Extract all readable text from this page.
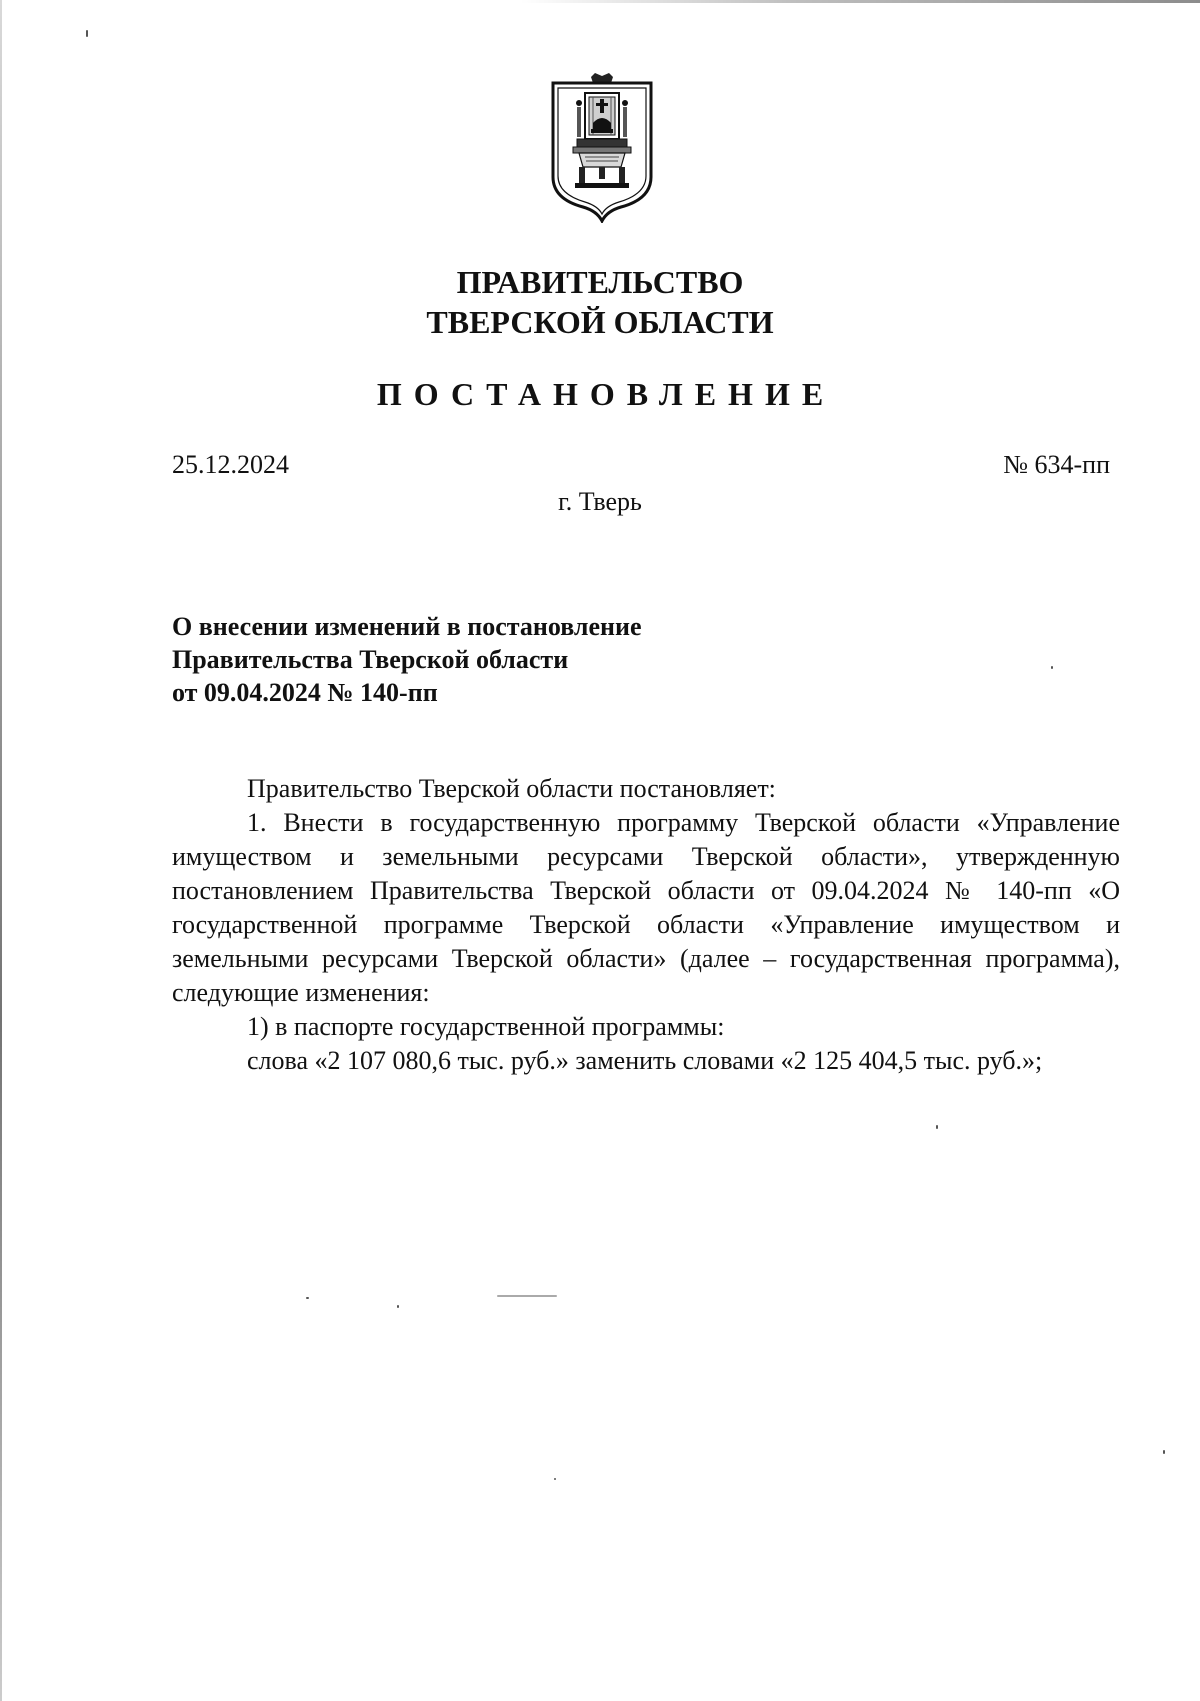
ПРАВИТЕЛЬСТВО
ТВЕРСКОЙ ОБЛАСТИ
ПОСТАНОВЛЕНИЕ
25.12.2024	№ 634-пп
г. Тверь
О внесении изменений в постановление
Правительства Тверской области
от 09.04.2024 № 140-пп
Правительство Тверской области постановляет:
1. Внести в государственную программу Тверской области «Управление имуществом и земельными ресурсами Тверской области», утвержденную постановлением Правительства Тверской области от 09.04.2024 № 140-пп «О государственной программе Тверской области «Управление имуществом и земельными ресурсами Тверской области» (далее – государственная программа), следующие изменения:
1) в паспорте государственной программы:
слова «2 107 080,6 тыс. руб.» заменить словами «2 125 404,5 тыс. руб.»;
